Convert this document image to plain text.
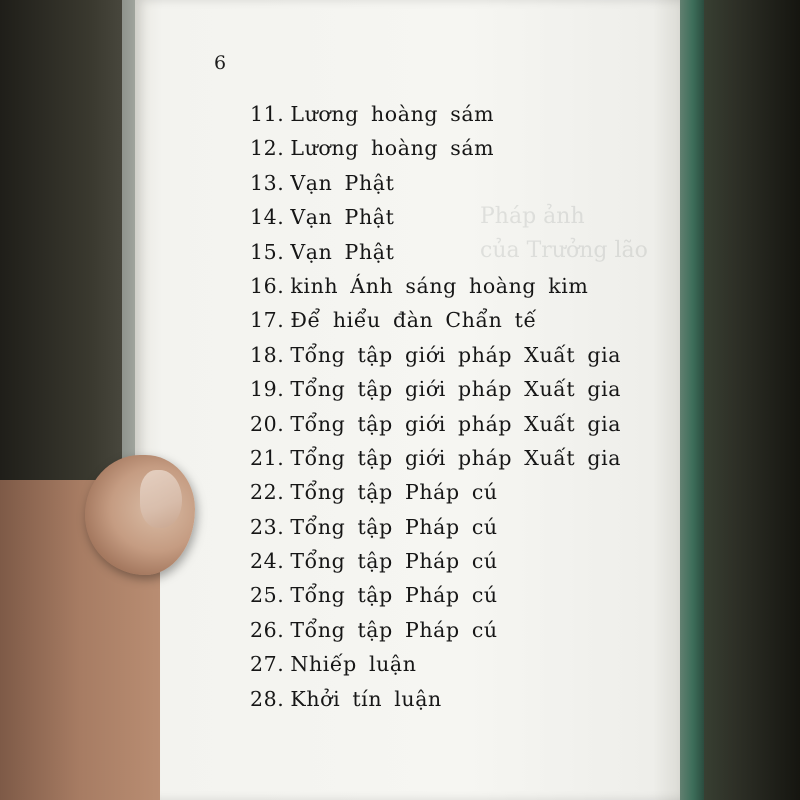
6
11. Lương hoàng sám
12. Lương hoàng sám
13. Vạn Phật
14. Vạn Phật
15. Vạn Phật
16. kinh Ánh sáng hoàng kim
17. Để hiểu đàn Chẩn tế
18. Tổng tập giới pháp Xuất gia
19. Tổng tập giới pháp Xuất gia
20. Tổng tập giới pháp Xuất gia
21. Tổng tập giới pháp Xuất gia
22. Tổng tập Pháp cú
23. Tổng tập Pháp cú
24. Tổng tập Pháp cú
25. Tổng tập Pháp cú
26. Tổng tập Pháp cú
27. Nhiếp luận
28. Khởi tín luận
